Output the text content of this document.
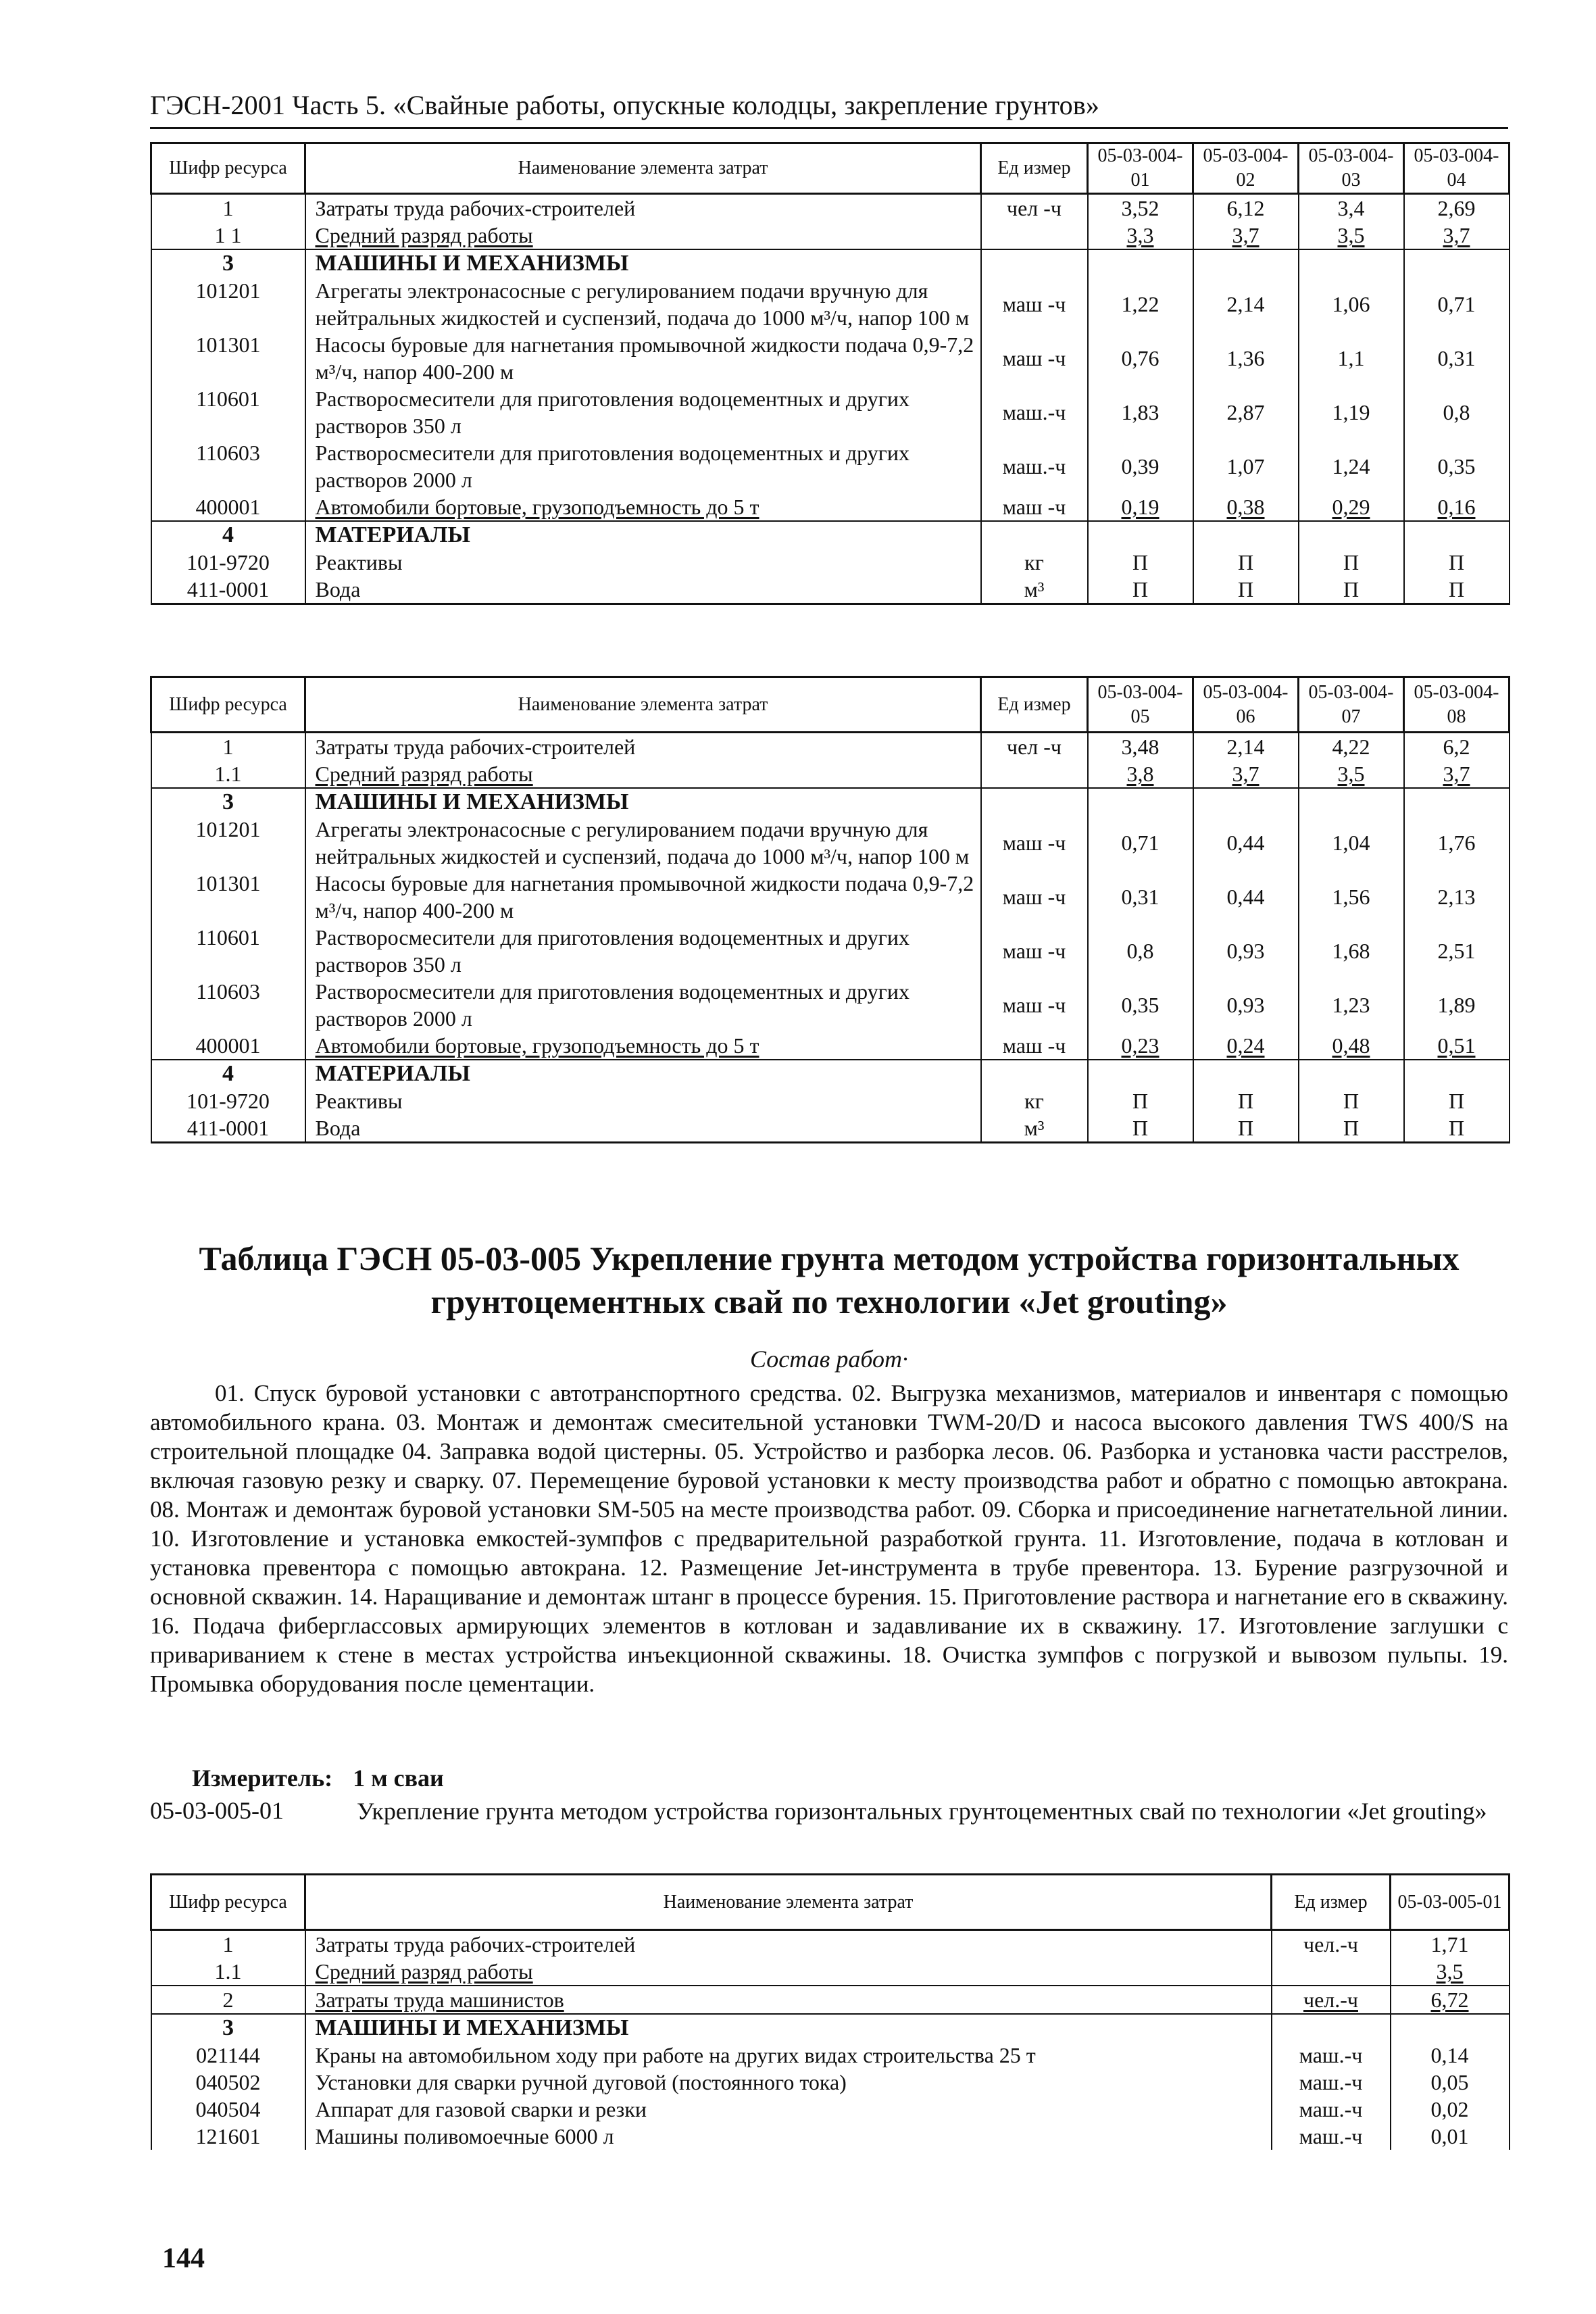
ГЭСН-2001 Часть 5. «Свайные работы, опускные колодцы, закрепление грунтов»
Шифр ресурса	Наименование элемента затрат	Ед измер	05-03-004-01	05-03-004-02	05-03-004-03	05-03-004-04
1	Затраты труда рабочих-строителей	чел -ч	3,52	6,12	3,4	2,69
1 1	Средний разряд работы		3,3	3,7	3,5	3,7
3	МАШИНЫ И МЕХАНИЗМЫ					
101201	Агрегаты электронасосные с регулированием подачи вручную для нейтральных жидкостей и суспензий, подача до 1000 м³/ч, напор 100 м	маш -ч	1,22	2,14	1,06	0,71
101301	Насосы буровые для нагнетания промывочной жидкости подача 0,9-7,2 м³/ч, напор 400-200 м	маш -ч	0,76	1,36	1,1	0,31
110601	Растворосмесители для приготовления водоцементных и других растворов 350 л	маш.-ч	1,83	2,87	1,19	0,8
110603	Растворосмесители для приготовления водоцементных и других растворов 2000 л	маш.-ч	0,39	1,07	1,24	0,35
400001	Автомобили бортовые, грузоподъемность до 5 т	маш -ч	0,19	0,38	0,29	0,16
4	МАТЕРИАЛЫ					
101-9720	Реактивы	кг	П	П	П	П
411-0001	Вода	м³	П	П	П	П
Шифр ресурса	Наименование элемента затрат	Ед измер	05-03-004-05	05-03-004-06	05-03-004-07	05-03-004-08
1	Затраты труда рабочих-строителей	чел -ч	3,48	2,14	4,22	6,2
1.1	Средний разряд работы		3,8	3,7	3,5	3,7
3	МАШИНЫ И МЕХАНИЗМЫ					
101201	Агрегаты электронасосные с регулированием подачи вручную для нейтральных жидкостей и суспензий, подача до 1000 м³/ч, напор 100 м	маш -ч	0,71	0,44	1,04	1,76
101301	Насосы буровые для нагнетания промывочной жидкости подача 0,9-7,2 м³/ч, напор 400-200 м	маш -ч	0,31	0,44	1,56	2,13
110601	Растворосмесители для приготовления водоцементных и других растворов 350 л	маш -ч	0,8	0,93	1,68	2,51
110603	Растворосмесители для приготовления водоцементных и других растворов 2000 л	маш -ч	0,35	0,93	1,23	1,89
400001	Автомобили бортовые, грузоподъемность до 5 т	маш -ч	0,23	0,24	0,48	0,51
4	МАТЕРИАЛЫ					
101-9720	Реактивы	кг	П	П	П	П
411-0001	Вода	м³	П	П	П	П
Таблица ГЭСН 05-03-005 Укрепление грунта методом устройства горизонтальных грунтоцементных свай по технологии «Jet grouting»
Состав работ·
01. Спуск буровой установки с автотранспортного средства. 02. Выгрузка механизмов, материалов и инвентаря с помощью автомобильного крана. 03. Монтаж и демонтаж смесительной установки TWM-20/D и насоса высокого давления TWS 400/S на строительной площадке 04. Заправка водой цистерны. 05. Устройство и разборка лесов. 06. Разборка и установка части расстрелов, включая газовую резку и сварку. 07. Перемещение буровой установки к месту производства работ и обратно с помощью автокрана. 08. Монтаж и демонтаж буровой установки SM-505 на месте производства работ. 09. Сборка и присоединение нагнетательной линии. 10. Изготовление и установка емкостей-зумпфов с предварительной разработкой грунта. 11. Изготовление, подача в котлован и установка превентора с помощью автокрана. 12. Размещение Jet-инструмента в трубе превентора. 13. Бурение разгрузочной и основной скважин. 14. Наращивание и демонтаж штанг в процессе бурения. 15. Приготовление раствора и нагнетание его в скважину. 16. Подача фиберглассовых армирующих элементов в котлован и задавливание их в скважину. 17. Изготовление заглушки с привариванием к стене в местах устройства инъекционной скважины. 18. Очистка зумпфов с погрузкой и вывозом пульпы. 19. Промывка оборудования после цементации.
Измеритель: 1 м сваи
05-03-005-01	Укрепление грунта методом устройства горизонтальных грунтоцементных свай по технологии «Jet grouting»
Шифр ресурса	Наименование элемента затрат	Ед измер	05-03-005-01
1	Затраты труда рабочих-строителей	чел.-ч	1,71
1.1	Средний разряд работы		3,5
2	Затраты труда машинистов	чел.-ч	6,72
3	МАШИНЫ И МЕХАНИЗМЫ		
021144	Краны на автомобильном ходу при работе на других видах строительства 25 т	маш.-ч	0,14
040502	Установки для сварки ручной дуговой (постоянного тока)	маш.-ч	0,05
040504	Аппарат для газовой сварки и резки	маш.-ч	0,02
121601	Машины поливомоечные 6000 л	маш.-ч	0,01
144
